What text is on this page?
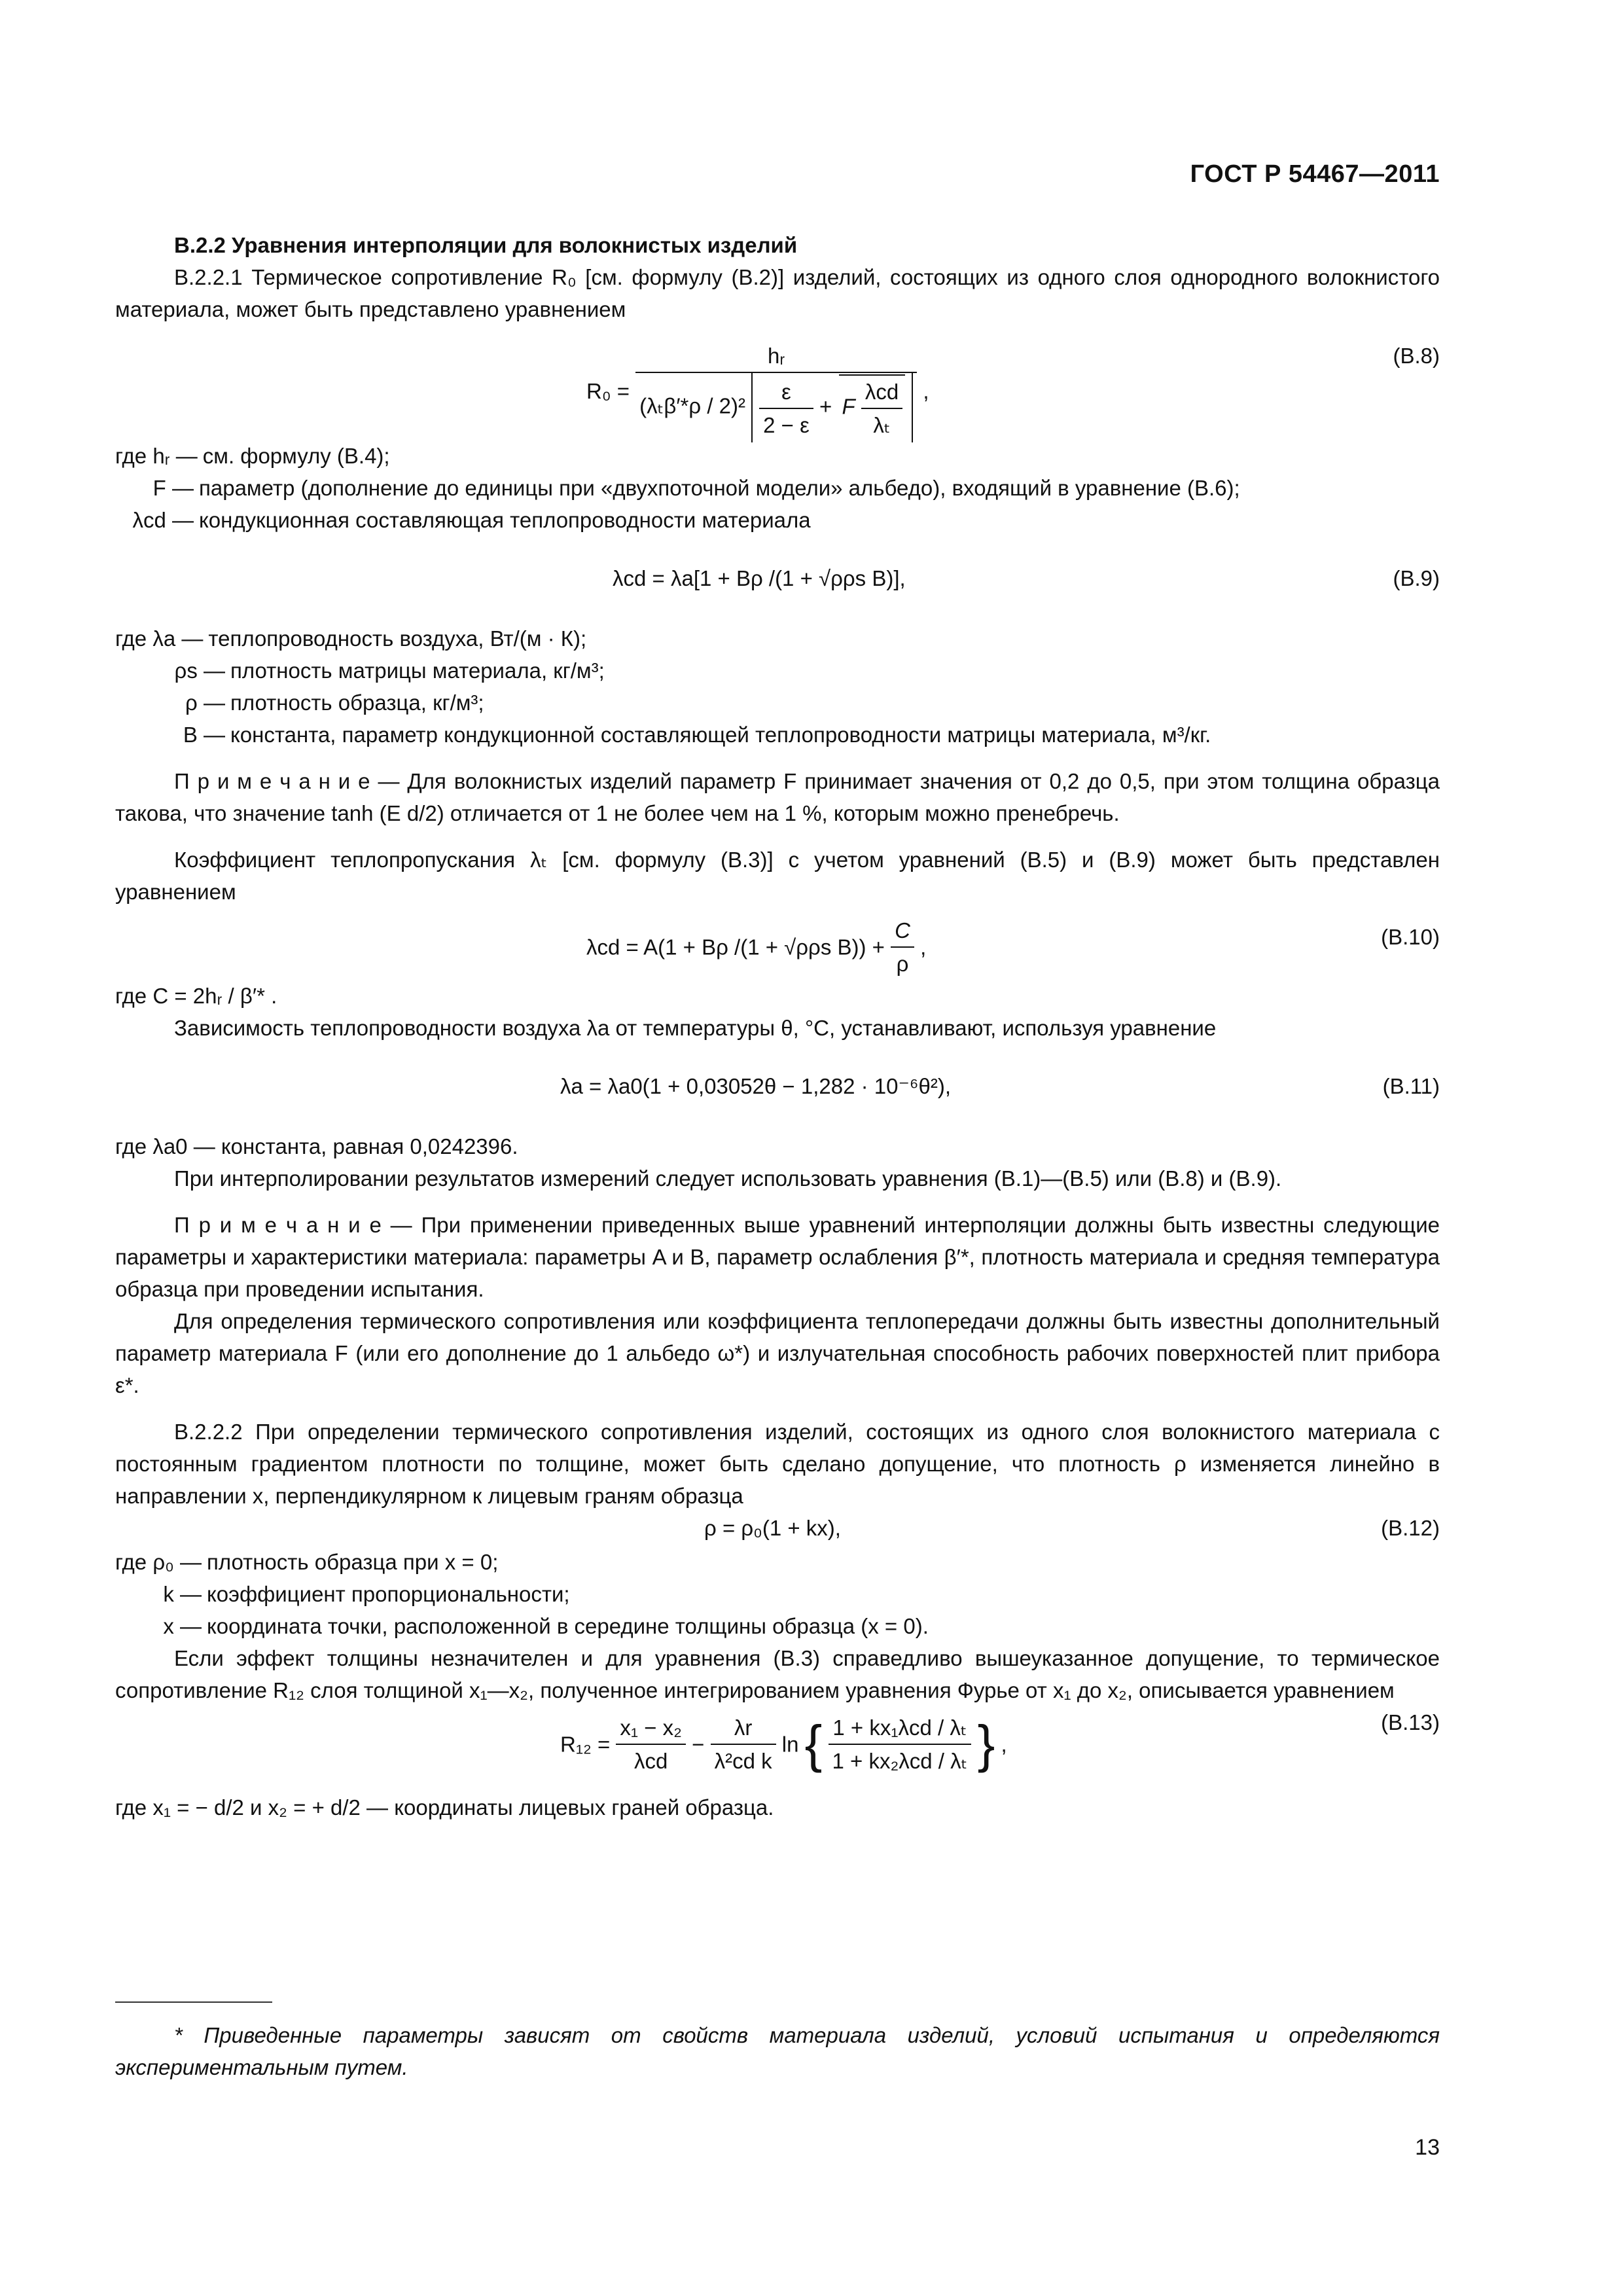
ГОСТ Р 54467—2011

В.2.2 Уравнения интерполяции для волокнистых изделий

В.2.2.1 Термическое сопротивление R₀ [см. формулу (В.2)] изделий, состоящих из одного слоя однородного волокнистого материала, может быть представлено уравнением

R₀ =
hᵣ
$(\lambda_t\beta'*\rho / 2)^2 \frac{\varepsilon}{2 - \varepsilon} + F \frac{\text{λcd}}{\text{λₜ}}$ ,
(В.8)
где hᵣ — см. формулу (В.4);
F — параметр (дополнение до единицы при «двухпоточной модели» альбедо), входящий в уравнение (В.6);
λcd — кондукционная составляющая теплопроводности материала
λcd = λa[1 + Bρ /(1 + √ρρs B)],	(В.9)
где λa — теплопроводность воздуха, Вт/(м · К);
ρs — плотность матрицы материала, кг/м³;
ρ — плотность образца, кг/м³;
B — константа, параметр кондукционной составляющей теплопроводности матрицы материала, м³/кг.

П р и м е ч а н и е — Для волокнистых изделий параметр F принимает значения от 0,2 до 0,5, при этом толщина образца такова, что значение tanh (E d/2) отличается от 1 не более чем на 1 %, которым можно пренебречь.

Коэффициент теплопропускания λₜ [см. формулу (В.3)] с учетом уравнений (В.5) и (В.9) может быть представлен уравнением

λcd = A(1 + Bρ /(1 + √ρρs $B)) + \frac{C}{\rho}$ ,	(В.10)

где C = 2hᵣ / β′* .

Зависимость теплопроводности воздуха λa от температуры θ, °С, устанавливают, используя уравнение

λa = λa0(1 + 0,03052θ − 1,282 · 10⁻⁶θ²),	(В.11)

где λa0 — константа, равная 0,0242396.

При интерполировании результатов измерений следует использовать уравнения (В.1)—(В.5) или (В.8) и (В.9).

П р и м е ч а н и е — При применении приведенных выше уравнений интерполяции должны быть известны следующие параметры и характеристики материала: параметры A и B, параметр ослабления β′*, плотность материала и средняя температура образца при проведении испытания.

Для определения термического сопротивления или коэффициента теплопередачи должны быть известны дополнительный параметр материала F (или его дополнение до 1 альбедо ω*) и излучательная способность рабочих поверхностей плит прибора ε*.

В.2.2.2 При определении термического сопротивления изделий, состоящих из одного слоя волокнистого материала с постоянным градиентом плотности по толщине, может быть сделано допущение, что плотность ρ изменяется линейно в направлении x, перпендикулярном к лицевым граням образца

ρ = ρ₀(1 + kx),	(В.12)
где ρ₀ — плотность образца при x = 0;
k — коэффициент пропорциональности;
x — координата точки, расположенной в середине толщины образца (x = 0).

Если эффект толщины незначителен и для уравнения (В.3) справедливо вышеуказанное допущение, то термическое сопротивление R₁₂ слоя толщиной x₁—x₂, полученное интегрированием уравнения Фурье от x₁ до x₂, описывается уравнением

$R_{12} = \frac{\text{x₁ − x₂}}{\text{λcd}} - \frac{\lambda r}{\text{λ²cd k}}$ ln { $\frac{\text{1 + kx₁λcd / λₜ}}{\text{1 + kx₂λcd / λₜ}}$ } ,
(В.13)

где x₁ = − d/2 и x₂ = + d/2 — координаты лицевых граней образца.

* Приведенные параметры зависят от свойств материала изделий, условий испытания и определяются экспериментальным путем.

13
